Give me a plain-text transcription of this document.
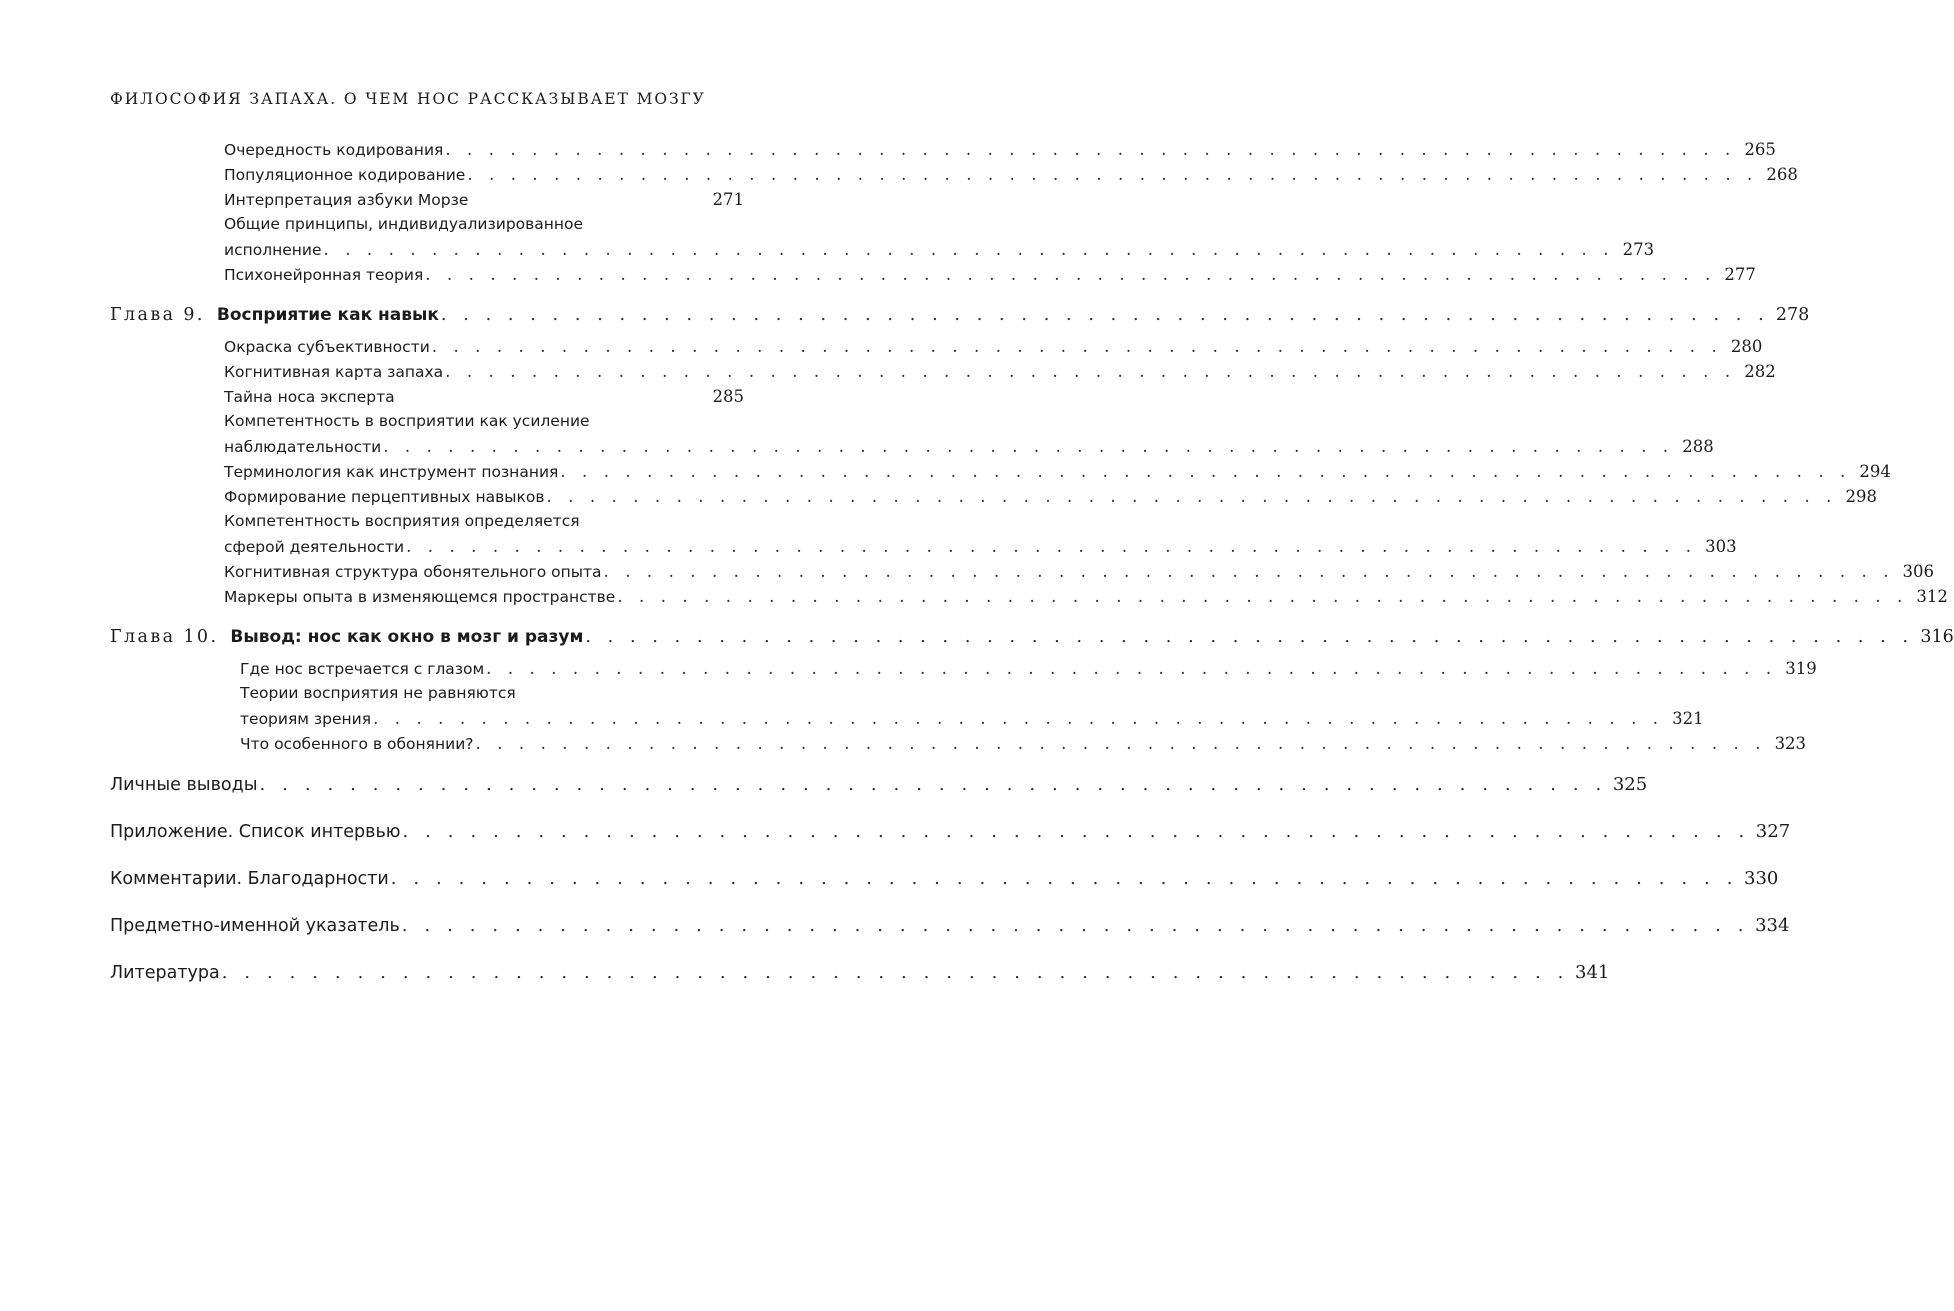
ФИЛОСОФИЯ ЗАПАХА. О ЧЕМ НОС РАССКАЗЫВАЕТ МОЗГУ
Очередность кодирования . . . . . . . . . . . . . . . . . . . . . . . . . . . . . . . . . . . . . . . . . . . . . . . . . . . . . . . . . . . . 265
Популяционное кодирование . . . . . . . . . . . . . . . . . . . . . . . . . . . . . . . . . . . . . . . . . . . . . . . . . . . . . . . . . . . . 268
Интерпретация азбуки Морзе	271
Общие принципы, индивидуализированное
исполнение . . . . . . . . . . . . . . . . . . . . . . . . . . . . . . . . . . . . . . . . . . . . . . . . . . . . . . . . . . . . 273
Психонейронная теория . . . . . . . . . . . . . . . . . . . . . . . . . . . . . . . . . . . . . . . . . . . . . . . . . . . . . . . . . . . . 277
Глава 9. Восприятие как навык . . . . . . . . . . . . . . . . . . . . . . . . . . . . . . . . . . . . . . . . . . . . . . . . . . . . . . . . . . . . 278
Окраска субъективности . . . . . . . . . . . . . . . . . . . . . . . . . . . . . . . . . . . . . . . . . . . . . . . . . . . . . . . . . . . . 280
Когнитивная карта запаха . . . . . . . . . . . . . . . . . . . . . . . . . . . . . . . . . . . . . . . . . . . . . . . . . . . . . . . . . . . . 282
Тайна носа эксперта	285
Компетентность в восприятии как усиление
наблюдательности . . . . . . . . . . . . . . . . . . . . . . . . . . . . . . . . . . . . . . . . . . . . . . . . . . . . . . . . . . . . 288
Терминология как инструмент познания . . . . . . . . . . . . . . . . . . . . . . . . . . . . . . . . . . . . . . . . . . . . . . . . . . . . . . . . . . . . 294
Формирование перцептивных навыков . . . . . . . . . . . . . . . . . . . . . . . . . . . . . . . . . . . . . . . . . . . . . . . . . . . . . . . . . . . . 298
Компетентность восприятия определяется
сферой деятельности . . . . . . . . . . . . . . . . . . . . . . . . . . . . . . . . . . . . . . . . . . . . . . . . . . . . . . . . . . . . 303
Когнитивная структура обонятельного опыта . . . . . . . . . . . . . . . . . . . . . . . . . . . . . . . . . . . . . . . . . . . . . . . . . . . . . . . . . . . . 306
Маркеры опыта в изменяющемся пространстве . . . . . . . . . . . . . . . . . . . . . . . . . . . . . . . . . . . . . . . . . . . . . . . . . . . . . . . . . . . . 312
Глава 10. Вывод: нос как окно в мозг и разум . . . . . . . . . . . . . . . . . . . . . . . . . . . . . . . . . . . . . . . . . . . . . . . . . . . . . . . . . . . . 316
Где нос встречается с глазом . . . . . . . . . . . . . . . . . . . . . . . . . . . . . . . . . . . . . . . . . . . . . . . . . . . . . . . . . . . . 319
Теории восприятия не равняются
теориям зрения . . . . . . . . . . . . . . . . . . . . . . . . . . . . . . . . . . . . . . . . . . . . . . . . . . . . . . . . . . . . 321
Что особенного в обонянии? . . . . . . . . . . . . . . . . . . . . . . . . . . . . . . . . . . . . . . . . . . . . . . . . . . . . . . . . . . . . 323
Личные выводы . . . . . . . . . . . . . . . . . . . . . . . . . . . . . . . . . . . . . . . . . . . . . . . . . . . . . . . . . . . . 325
Приложение. Список интервью . . . . . . . . . . . . . . . . . . . . . . . . . . . . . . . . . . . . . . . . . . . . . . . . . . . . . . . . . . . . 327
Комментарии. Благодарности . . . . . . . . . . . . . . . . . . . . . . . . . . . . . . . . . . . . . . . . . . . . . . . . . . . . . . . . . . . . 330
Предметно-именной указатель . . . . . . . . . . . . . . . . . . . . . . . . . . . . . . . . . . . . . . . . . . . . . . . . . . . . . . . . . . . . 334
Литература . . . . . . . . . . . . . . . . . . . . . . . . . . . . . . . . . . . . . . . . . . . . . . . . . . . . . . . . . . . . 341
